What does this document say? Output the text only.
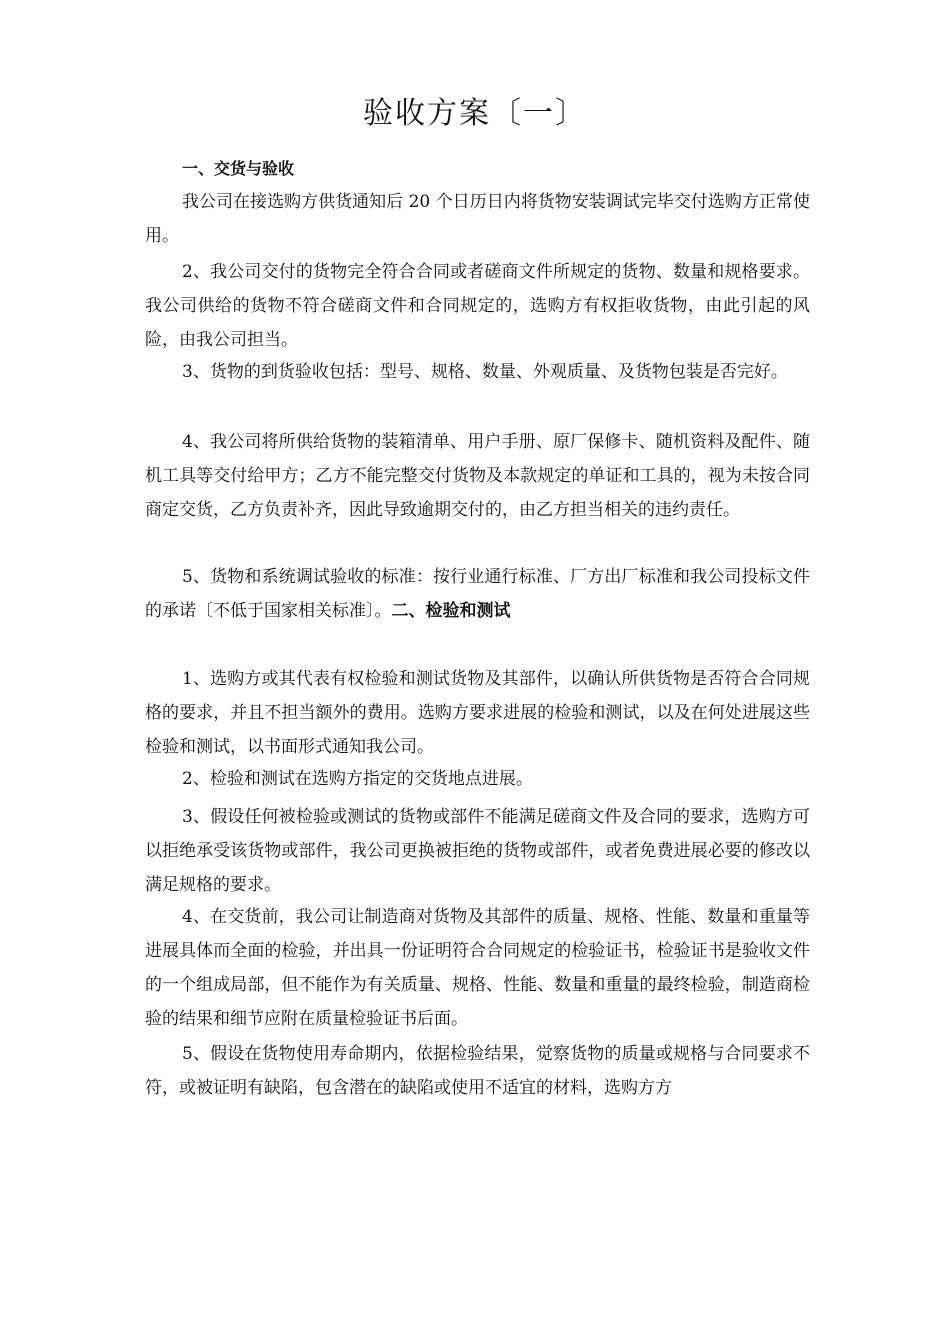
验收方案〔一〕
一、交货与验收

我公司在接选购方供货通知后 20 个日历日内将货物安装调试完毕交付选购方正常使用。

2、我公司交付的货物完全符合合同或者磋商文件所规定的货物、数量和规格要求。我公司供给的货物不符合磋商文件和合同规定的，选购方有权拒收货物，由此引起的风险，由我公司担当。

3、货物的到货验收包括：型号、规格、数量、外观质量、及货物包装是否完好。

4、我公司将所供给货物的装箱清单、用户手册、原厂保修卡、随机资料及配件、随机工具等交付给甲方；乙方不能完整交付货物及本款规定的单证和工具的，视为未按合同商定交货，乙方负责补齐，因此导致逾期交付的，由乙方担当相关的违约责任。

5、货物和系统调试验收的标准：按行业通行标准、厂方出厂标准和我公司投标文件的承诺〔不低于国家相关标准〕。二、检验和测试

1、选购方或其代表有权检验和测试货物及其部件，以确认所供货物是否符合合同规格的要求，并且不担当额外的费用。选购方要求进展的检验和测试，以及在何处进展这些检验和测试，以书面形式通知我公司。

2、检验和测试在选购方指定的交货地点进展。

3、假设任何被检验或测试的货物或部件不能满足磋商文件及合同的要求，选购方可以拒绝承受该货物或部件，我公司更换被拒绝的货物或部件，或者免费进展必要的修改以满足规格的要求。

4、在交货前，我公司让制造商对货物及其部件的质量、规格、性能、数量和重量等进展具体而全面的检验，并出具一份证明符合合同规定的检验证书，检验证书是验收文件的一个组成局部，但不能作为有关质量、规格、性能、数量和重量的最终检验，制造商检验的结果和细节应附在质量检验证书后面。

5、假设在货物使用寿命期内，依据检验结果，觉察货物的质量或规格与合同要求不符，或被证明有缺陷，包含潜在的缺陷或使用不适宜的材料，选购方方
